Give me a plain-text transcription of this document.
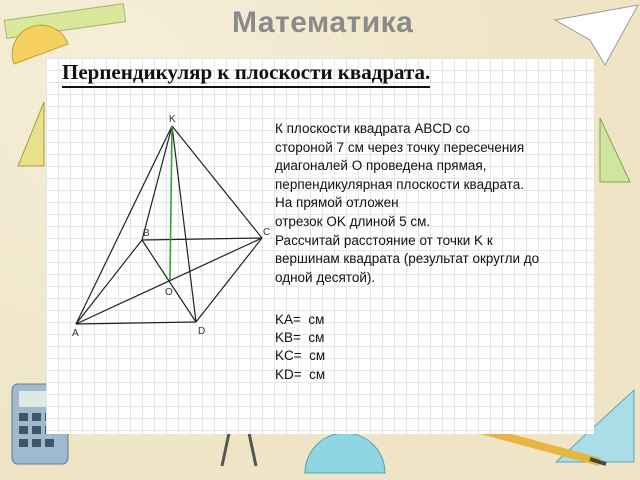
Математика
Перпендикуляр к плоскости квадрата.
K
B	C
O
A	D

К плоскости квадрата ABCD со

стороной 7 см через точку пересечения

диагоналей O проведена прямая,

перпендикулярная плоскости квадрата.

На прямой отложен

отрезок OK длиной 5 см.

Рассчитай расстояние от точки K к

вершинам квадрата (результат округли до

одной десятой).

KA= см
KB= см
KC= см
KD= см
